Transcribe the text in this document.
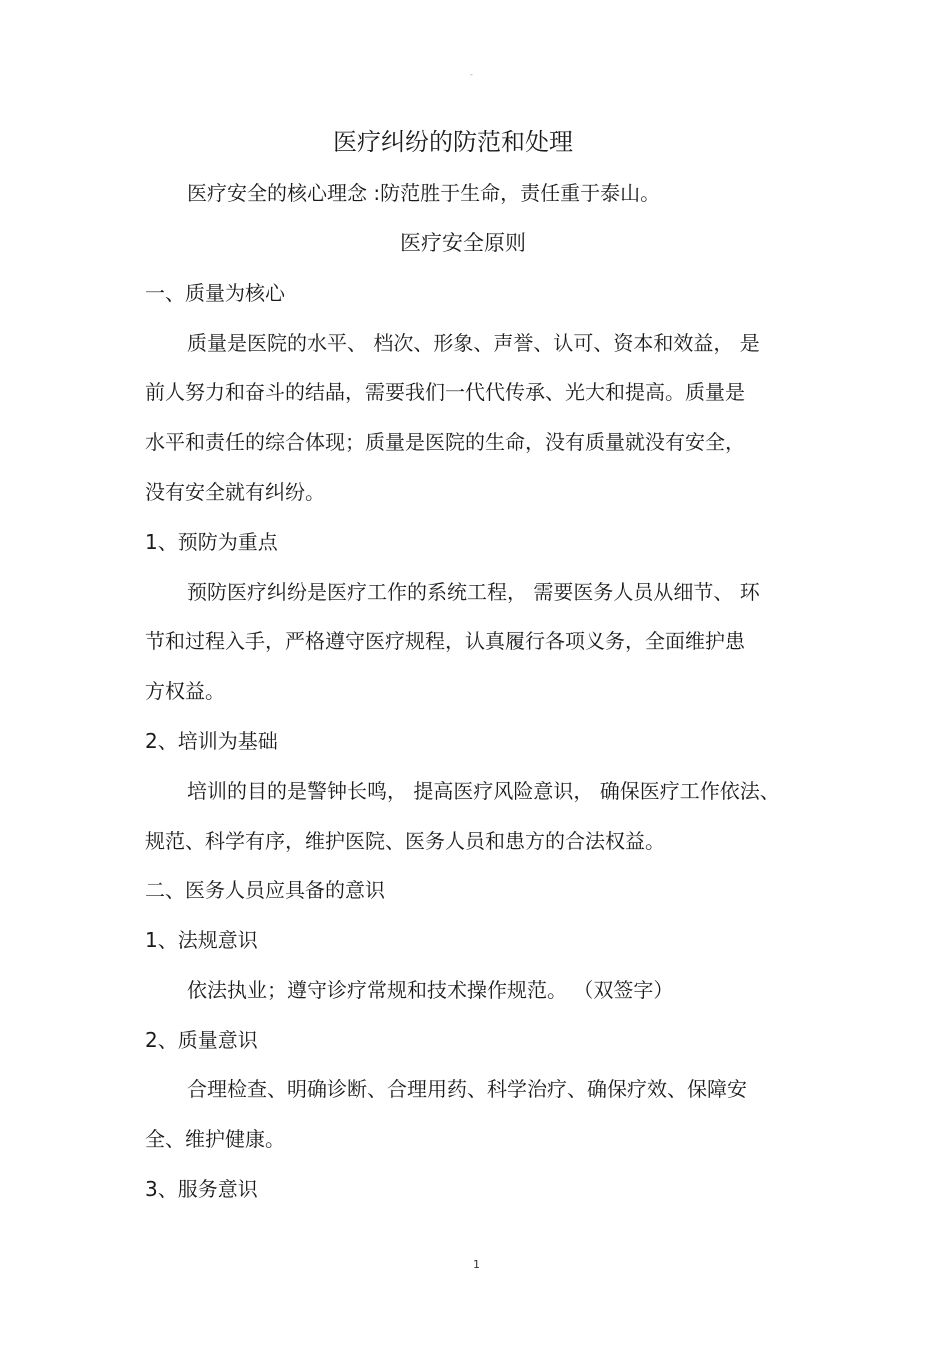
-
医疗纠纷的防范和处理

医疗安全的核心理念 :防范胜于生命，责任重于泰山。

医疗安全原则
一、质量为核心

质量是医院的水平、 档次、形象、声誉、认可、资本和效益， 是

前人努力和奋斗的结晶，需要我们一代代传承、光大和提高。质量是

水平和责任的综合体现；质量是医院的生命，没有质量就没有安全，

没有安全就有纠纷。

1、预防为重点

预防医疗纠纷是医疗工作的系统工程， 需要医务人员从细节、 环

节和过程入手，严格遵守医疗规程，认真履行各项义务，全面维护患

方权益。

2、培训为基础

培训的目的是警钟长鸣， 提高医疗风险意识， 确保医疗工作依法、

规范、科学有序，维护医院、医务人员和患方的合法权益。

二、医务人员应具备的意识
1、法规意识

依法执业；遵守诊疗常规和技术操作规范。 （双签字）

2、质量意识

合理检查、明确诊断、合理用药、科学治疗、确保疗效、保障安

全、维护健康。

3、服务意识
1
